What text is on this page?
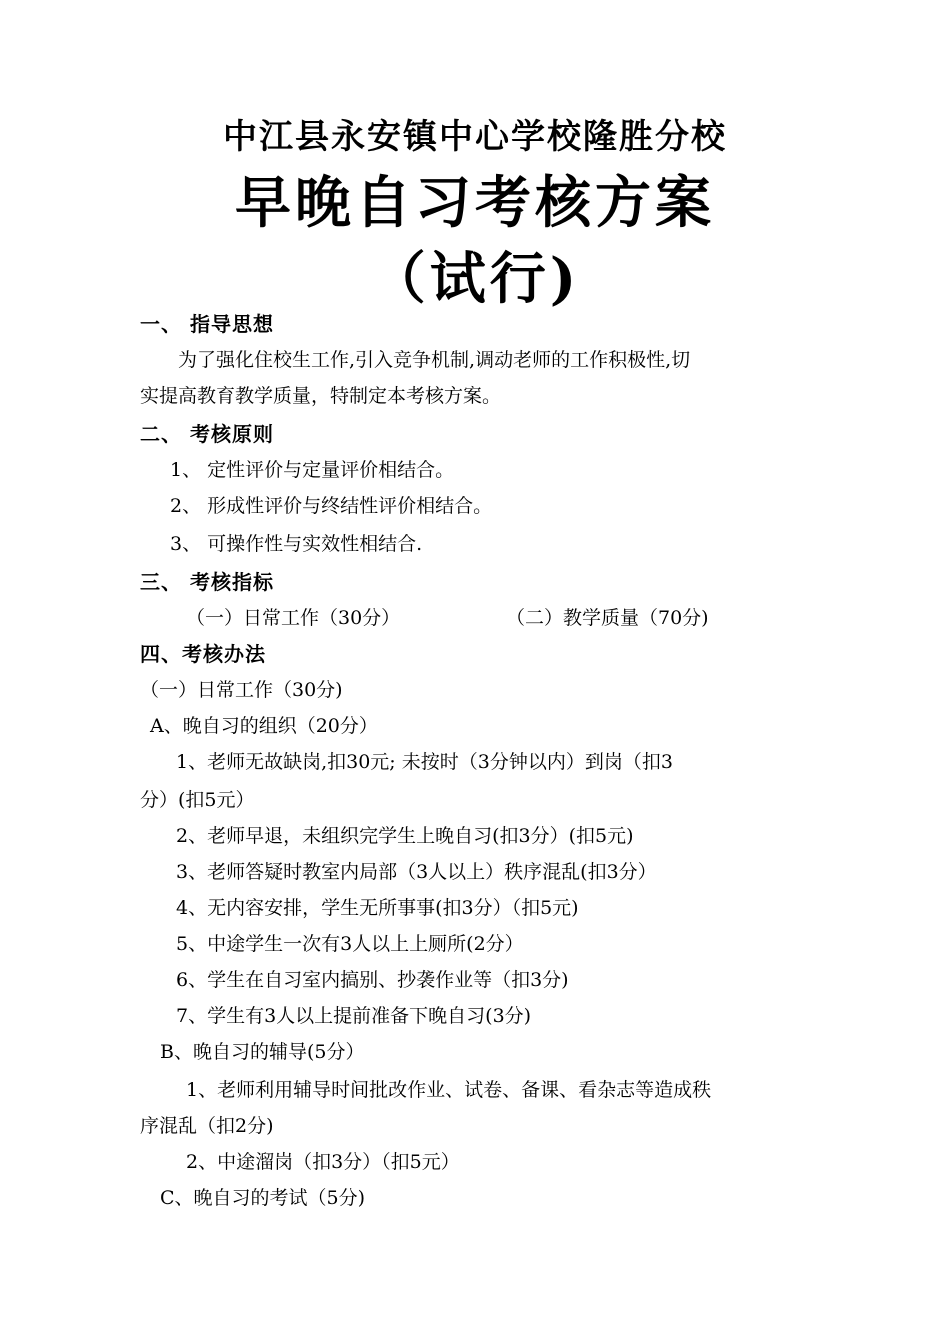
中江县永安镇中心学校隆胜分校
早晚自习考核方案
（试行)

一、 指导思想

为了强化住校生工作,引入竞争机制,调动老师的工作积极性,切

实提高教育教学质量，特制定本考核方案。

二、 考核原则

1、 定性评价与定量评价相结合。

2、 形成性评价与终结性评价相结合。

3、 可操作性与实效性相结合.

三、 考核指标

（一）日常工作（30分）	（二）教学质量（70分)

四、考核办法

（一）日常工作（30分)

A、晚自习的组织（20分）

1、老师无故缺岗,扣30元; 未按时（3分钟以内）到岗（扣3

分）(扣5元）

2、老师早退，未组织完学生上晚自习(扣3分）(扣5元)

3、老师答疑时教室内局部（3人以上）秩序混乱(扣3分）

4、无内容安排，学生无所事事(扣3分）（扣5元)

5、中途学生一次有3人以上上厕所(2分）

6、学生在自习室内搞别、抄袭作业等（扣3分)

7、学生有3人以上提前准备下晚自习(3分)

B、晚自习的辅导(5分）

1、老师利用辅导时间批改作业、试卷、备课、看杂志等造成秩

序混乱（扣2分)

2、中途溜岗（扣3分）（扣5元）

C、晚自习的考试（5分)
